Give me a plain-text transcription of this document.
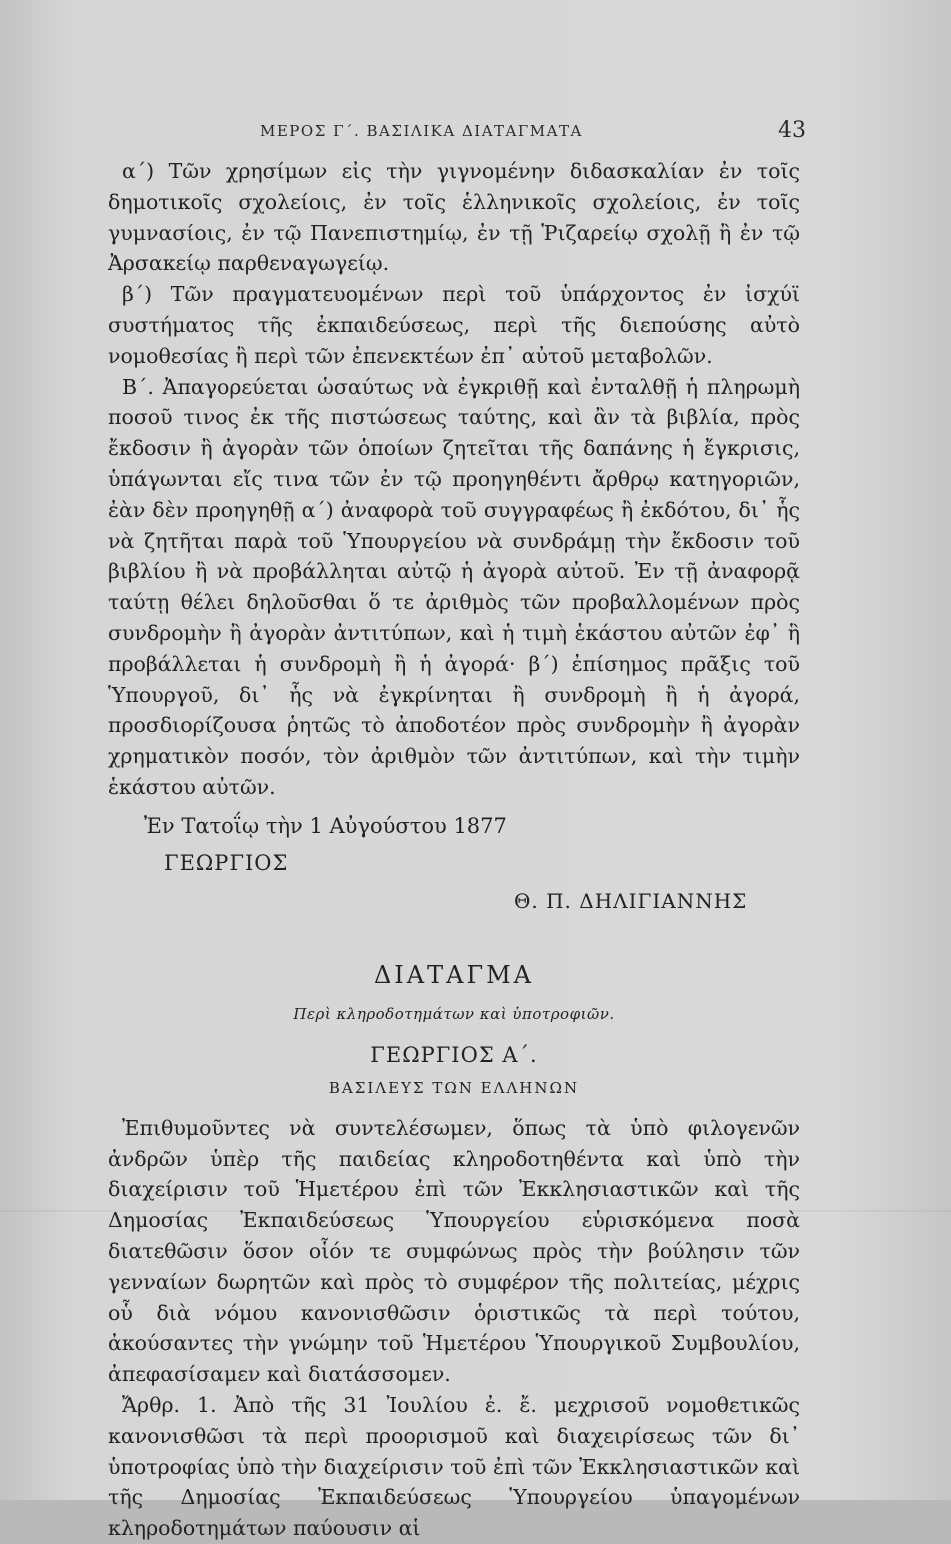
ΜΕΡΟΣ Γ΄. ΒΑΣΙΛΙΚΑ ΔΙΑΤΑΓΜΑΤΑ	43

α΄) Τῶν χρησίμων εἰς τὴν γιγνομένην διδασκαλίαν ἐν τοῖς δημοτικοῖς σχολείοις, ἐν τοῖς ἑλληνικοῖς σχολείοις, ἐν τοῖς γυμνασίοις, ἐν τῷ Πανεπιστημίῳ, ἐν τῇ Ῥιζαρείῳ σχολῇ ἢ ἐν τῷ Ἀρσακείῳ παρθεναγωγείῳ.

β΄) Τῶν πραγματευομένων περὶ τοῦ ὑπάρχοντος ἐν ἰσχύϊ συστήματος τῆς ἐκπαιδεύσεως, περὶ τῆς διεπούσης αὐτὸ νομοθεσίας ἢ περὶ τῶν ἐπενεκτέων ἐπ᾽ αὐτοῦ μεταβολῶν.

Β΄. Ἀπαγορεύεται ὡσαύτως νὰ ἐγκριθῇ καὶ ἐνταλθῇ ἡ πληρωμὴ ποσοῦ τινος ἐκ τῆς πιστώσεως ταύτης, καὶ ἂν τὰ βιβλία, πρὸς ἔκδοσιν ἢ ἀγορὰν τῶν ὁποίων ζητεῖται τῆς δαπάνης ἡ ἔγκρισις, ὑπάγωνται εἴς τινα τῶν ἐν τῷ προηγηθέντι ἄρθρῳ κατηγοριῶν, ἐὰν δὲν προηγηθῇ α΄) ἀναφορὰ τοῦ συγγραφέως ἢ ἐκδότου, δι᾽ ἧς νὰ ζητῆται παρὰ τοῦ Ὑπουργείου νὰ συνδράμῃ τὴν ἔκδοσιν τοῦ βιβλίου ἢ νὰ προβάλληται αὐτῷ ἡ ἀγορὰ αὐτοῦ. Ἐν τῇ ἀναφορᾷ ταύτῃ θέλει δηλοῦσθαι ὅ τε ἀριθμὸς τῶν προβαλλομένων πρὸς συνδρομὴν ἢ ἀγορὰν ἀντιτύπων, καὶ ἡ τιμὴ ἑκάστου αὐτῶν ἐφ᾽ ἣ προβάλλεται ἡ συνδρομὴ ἢ ἡ ἀγορά· β΄) ἐπίσημος πρᾶξις τοῦ Ὑπουργοῦ, δι᾽ ἧς νὰ ἐγκρίνηται ἢ συνδρομὴ ἢ ἡ ἀγορά, προσδιορίζουσα ῥητῶς τὸ ἀποδοτέον πρὸς συνδρομὴν ἢ ἀγορὰν χρηματικὸν ποσόν, τὸν ἀριθμὸν τῶν ἀντιτύπων, καὶ τὴν τιμὴν ἑκάστου αὐτῶν.

Ἐν Τατοΐῳ τὴν 1 Αὐγούστου 1877
ΓΕΩΡΓΙΟΣ
Θ. Π. ΔΗΛΙΓΙΑΝΝΗΣ
ΔΙΑΤΑΓΜΑ
Περὶ κληροδοτημάτων καὶ ὑποτροφιῶν.
ΓΕΩΡΓΙΟΣ Α΄.
ΒΑΣΙΛΕΥΣ ΤΩΝ ΕΛΛΗΝΩΝ

Ἐπιθυμοῦντες νὰ συντελέσωμεν, ὅπως τὰ ὑπὸ φιλογενῶν ἀνδρῶν ὑπὲρ τῆς παιδείας κληροδοτηθέντα καὶ ὑπὸ τὴν διαχείρισιν τοῦ Ἡμετέρου ἐπὶ τῶν Ἐκκλησιαστικῶν καὶ τῆς Δημοσίας Ἐκπαιδεύσεως Ὑπουργείου εὑρισκόμενα ποσὰ διατεθῶσιν ὅσον οἷόν τε συμφώνως πρὸς τὴν βούλησιν τῶν γενναίων δωρητῶν καὶ πρὸς τὸ συμφέρον τῆς πολιτείας, μέχρις οὗ διὰ νόμου κανονισθῶσιν ὁριστικῶς τὰ περὶ τούτου, ἀκούσαντες τὴν γνώμην τοῦ Ἡμετέρου Ὑπουργικοῦ Συμβουλίου, ἀπεφασίσαμεν καὶ διατάσσομεν.

Ἄρθρ. 1. Ἀπὸ τῆς 31 Ἰουλίου ἐ. ἔ. μεχρισοῦ νομοθετικῶς κανονισθῶσι τὰ περὶ προορισμοῦ καὶ διαχειρίσεως τῶν δι᾽ ὑποτροφίας ὑπὸ τὴν διαχείρισιν τοῦ ἐπὶ τῶν Ἐκκλησιαστικῶν καὶ τῆς Δημοσίας Ἐκπαιδεύσεως Ὑπουργείου ὑπαγομένων κληροδοτημάτων παύουσιν αἱ
